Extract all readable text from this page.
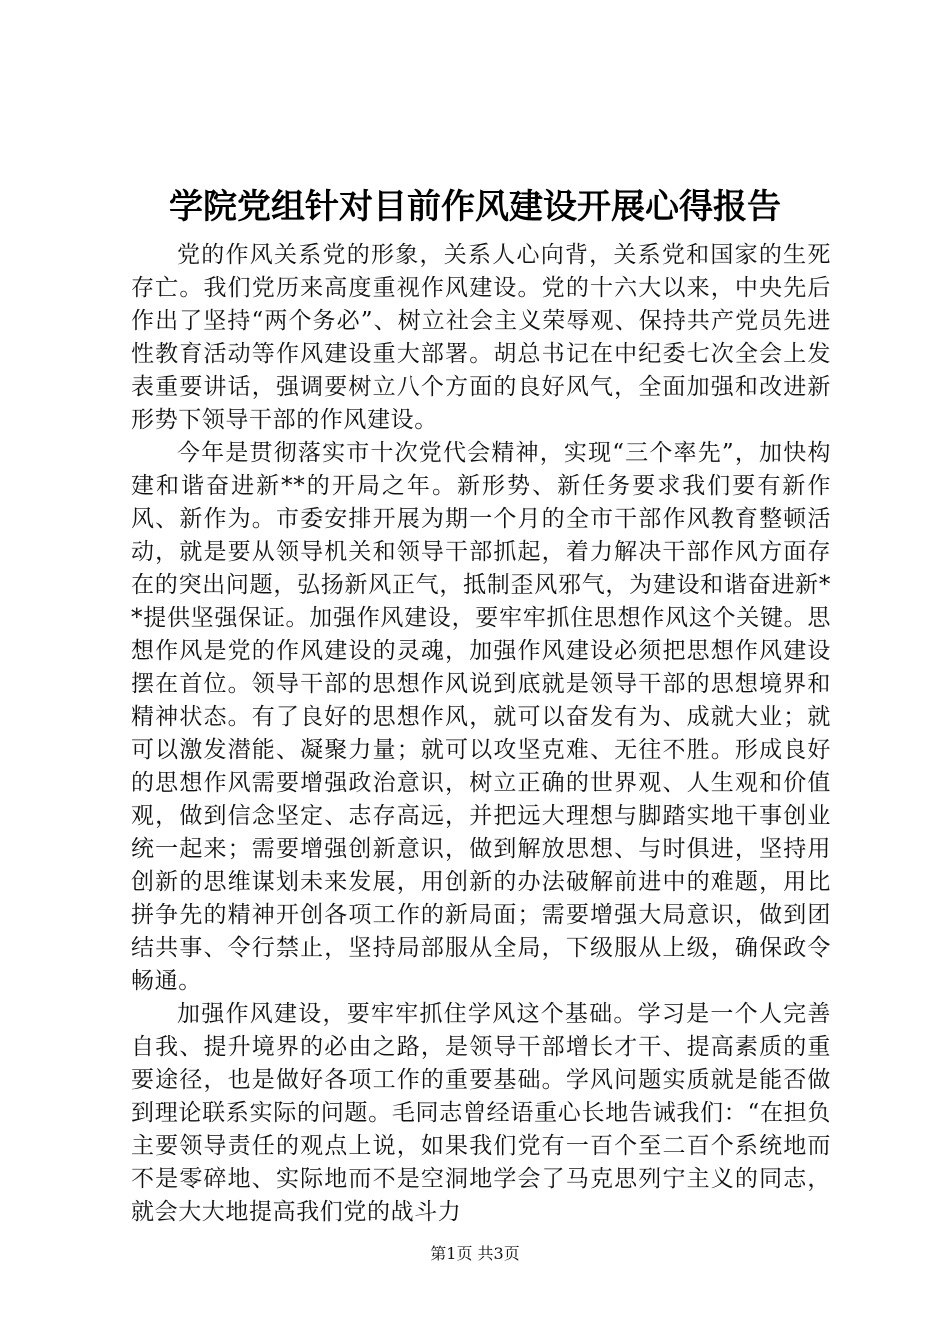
学院党组针对目前作风建设开展心得报告

党的作风关系党的形象，关系人心向背，关系党和国家的生死存亡。我们党历来高度重视作风建设。党的十六大以来，中央先后作出了坚持“两个务必”、树立社会主义荣辱观、保持共产党员先进性教育活动等作风建设重大部署。胡总书记在中纪委七次全会上发表重要讲话，强调要树立八个方面的良好风气，全面加强和改进新形势下领导干部的作风建设。

今年是贯彻落实市十次党代会精神，实现“三个率先”，加快构建和谐奋进新**的开局之年。新形势、新任务要求我们要有新作风、新作为。市委安排开展为期一个月的全市干部作风教育整顿活动，就是要从领导机关和领导干部抓起，着力解决干部作风方面存在的突出问题，弘扬新风正气，抵制歪风邪气，为建设和谐奋进新**提供坚强保证。加强作风建设，要牢牢抓住思想作风这个关键。思想作风是党的作风建设的灵魂，加强作风建设必须把思想作风建设摆在首位。领导干部的思想作风说到底就是领导干部的思想境界和精神状态。有了良好的思想作风，就可以奋发有为、成就大业；就可以激发潜能、凝聚力量；就可以攻坚克难、无往不胜。形成良好的思想作风需要增强政治意识，树立正确的世界观、人生观和价值观，做到信念坚定、志存高远，并把远大理想与脚踏实地干事创业统一起来；需要增强创新意识，做到解放思想、与时俱进，坚持用创新的思维谋划未来发展，用创新的办法破解前进中的难题，用比拼争先的精神开创各项工作的新局面；需要增强大局意识，做到团结共事、令行禁止，坚持局部服从全局，下级服从上级，确保政令畅通。

加强作风建设，要牢牢抓住学风这个基础。学习是一个人完善自我、提升境界的必由之路，是领导干部增长才干、提高素质的重要途径，也是做好各项工作的重要基础。学风问题实质就是能否做到理论联系实际的问题。毛同志曾经语重心长地告诫我们：“在担负主要领导责任的观点上说，如果我们党有一百个至二百个系统地而不是零碎地、实际地而不是空洞地学会了马克思列宁主义的同志，就会大大地提高我们党的战斗力

第1页 共3页
